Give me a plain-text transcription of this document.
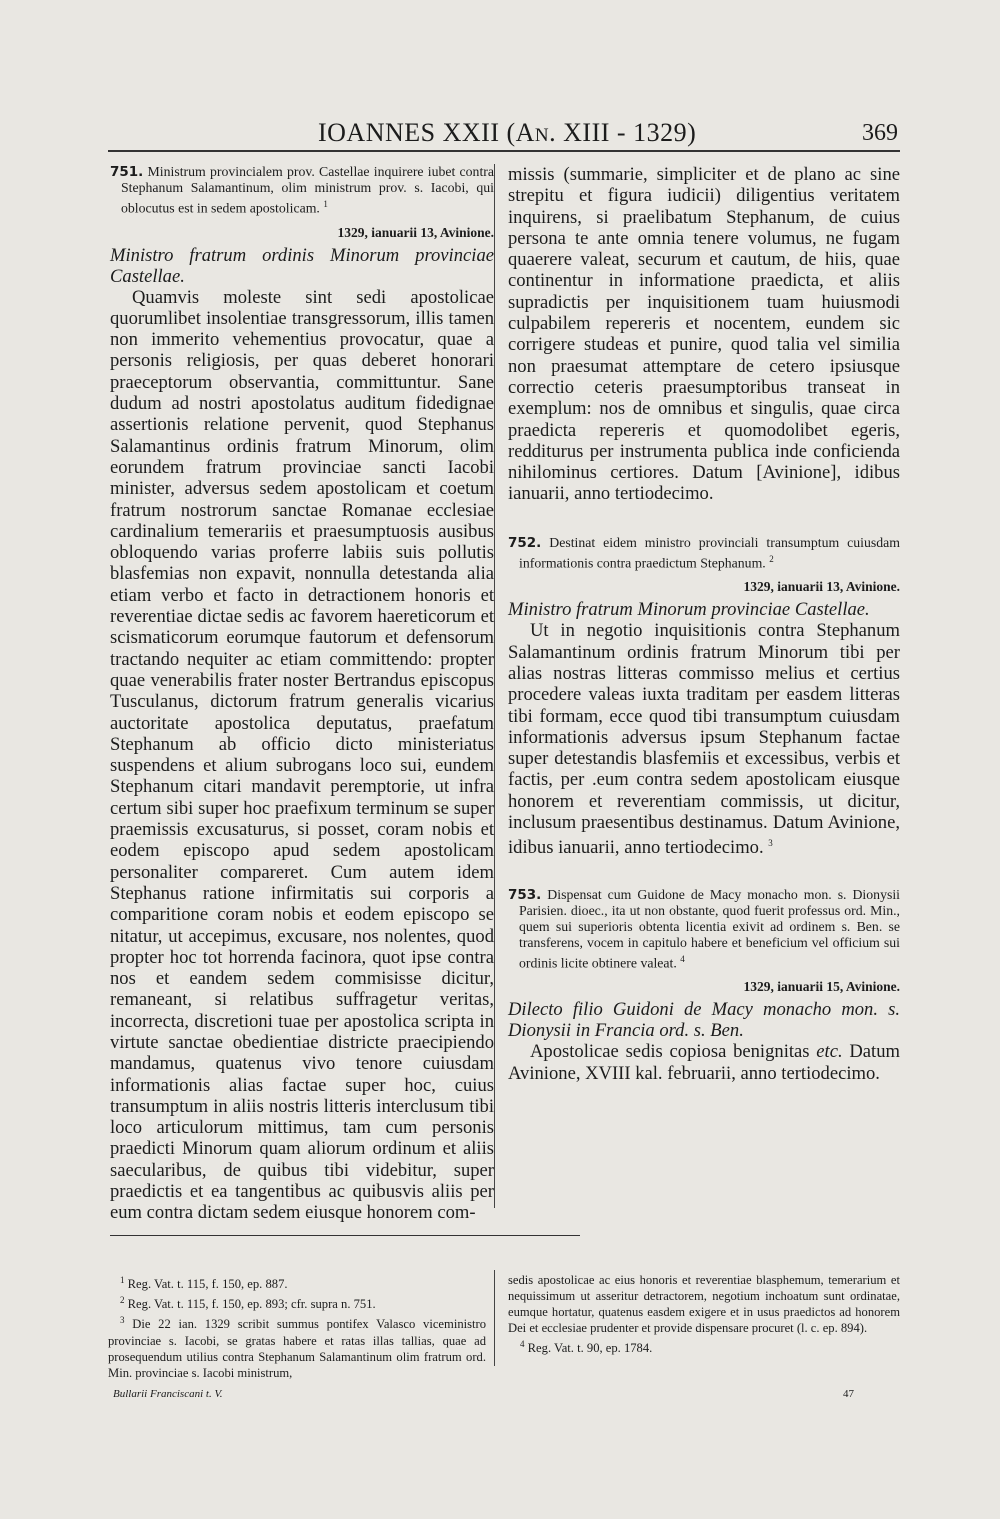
IOANNES XXII (AN. XIII - 1329)	369
751. Ministrum provincialem prov. Castellae inquirere iubet contra Stephanum Salamantinum, olim ministrum prov. s. Iacobi, qui oblocutus est in sedem apostolicam. $^1$
1329, ianuarii 13, Avinione.

Ministro fratrum ordinis Minorum provinciae Castellae.

Quamvis moleste sint sedi apostolicae quorumlibet insolentiae transgressorum, illis tamen non immerito vehementius provocatur, quae a personis religiosis, per quas deberet honorari praeceptorum observantia, committuntur. Sane dudum ad nostri apostolatus auditum fidedignae assertionis relatione pervenit, quod Stephanus Salamantinus ordinis fratrum Minorum, olim eorundem fratrum provinciae sancti Iacobi minister, adversus sedem apostolicam et coetum fratrum nostrorum sanctae Romanae ecclesiae cardinalium temerariis et praesumptuosis ausibus obloquendo varias proferre labiis suis pollutis blasfemias non expavit, nonnulla detestanda alia etiam verbo et facto in detractionem honoris et reverentiae dictae sedis ac favorem haereticorum et scismaticorum eorumque fautorum et defensorum tractando nequiter ac etiam committendo: propter quae venerabilis frater noster Bertrandus episcopus Tusculanus, dictorum fratrum generalis vicarius auctoritate apostolica deputatus, praefatum Stephanum ab officio dicto ministeriatus suspendens et alium subrogans loco sui, eundem Stephanum citari mandavit peremptorie, ut infra certum sibi super hoc praefixum terminum se super praemissis excusaturus, si posset, coram nobis et eodem episcopo apud sedem apostolicam personaliter compareret. Cum autem idem Stephanus ratione infirmitatis sui corporis a comparitione coram nobis et eodem episcopo se nitatur, ut accepimus, excusare, nos nolentes, quod propter hoc tot horrenda facinora, quot ipse contra nos et eandem sedem commisisse dicitur, remaneant, si relatibus suffragetur veritas, incorrecta, discretioni tuae per apostolica scripta in virtute sanctae obedientiae districte praecipiendo mandamus, quatenus vivo tenore cuiusdam informationis alias factae super hoc, cuius transumptum in aliis nostris litteris interclusum tibi loco articulorum mittimus, tam cum personis praedicti Minorum quam aliorum ordinum et aliis saecularibus, de quibus tibi videbitur, super praedictis et ea tangentibus ac quibusvis aliis per eum contra dictam sedem eiusque honorem com-

missis (summarie, simpliciter et de plano ac sine strepitu et figura iudicii) diligentius veritatem inquirens, si praelibatum Stephanum, de cuius persona te ante omnia tenere volumus, ne fugam quaerere valeat, securum et cautum, de hiis, quae continentur in informatione praedicta, et aliis supradictis per inquisitionem tuam huiusmodi culpabilem repereris et nocentem, eundem sic corrigere studeas et punire, quod talia vel similia non praesumat attemptare de cetero ipsiusque correctio ceteris praesumptoribus transeat in exemplum: nos de omnibus et singulis, quae circa praedicta repereris et quomodolibet egeris, redditurus per instrumenta publica inde conficienda nihilominus certiores. Datum [Avinione], idibus ianuarii, anno tertiodecimo.

752. Destinat eidem ministro provinciali transumptum cuiusdam informationis contra praedictum Stephanum. $^2$
1329, ianuarii 13, Avinione.

Ministro fratrum Minorum provinciae Castellae.

Ut in negotio inquisitionis contra Stephanum Salamantinum ordinis fratrum Minorum tibi per alias nostras litteras commisso melius et certius procedere valeas iuxta traditam per easdem litteras tibi formam, ecce quod tibi transumptum cuiusdam informationis adversus ipsum Stephanum factae super detestandis blasfemiis et excessibus, verbis et factis, per .eum contra sedem apostolicam eiusque honorem et reverentiam commissis, ut dicitur, inclusum praesentibus destinamus. Datum Avinione, idibus ianuarii, anno tertiodecimo. $^3$

753. Dispensat cum Guidone de Macy monacho mon. s. Dionysii Parisien. dioec., ita ut non obstante, quod fuerit professus ord. Min., quem sui superioris obtenta licentia exivit ad ordinem s. Ben. se transferens, vocem in capitulo habere et beneficium vel officium sui ordinis licite obtinere valeat. $^4$
1329, ianuarii 15, Avinione.

Dilecto filio Guidoni de Macy monacho mon. s. Dionysii in Francia ord. s. Ben.

Apostolicae sedis copiosa benignitas etc. Datum Avinione, XVIII kal. februarii, anno tertiodecimo.

$^1$ Reg. Vat. t. 115, f. 150, ep. 887.

$^2$ Reg. Vat. t. 115, f. 150, ep. 893; cfr. supra n. 751.

$^3$ Die 22 ian. 1329 scribit summus pontifex Valasco viceministro provinciae s. Iacobi, se gratas habere et ratas illas tallias, quae ad prosequendum utilius contra Stephanum Salamantinum olim fratrum ord. Min. provinciae s. Iacobi ministrum,

sedis apostolicae ac eius honoris et reverentiae blasphemum, temerarium et nequissimum ut asseritur detractorem, negotium inchoatum sunt ordinatae, eumque hortatur, quatenus easdem exigere et in usus praedictos ad honorem Dei et ecclesiae prudenter et provide dispensare procuret (l. c. ep. 894).

$^4$ Reg. Vat. t. 90, ep. 1784.

Bullarii Franciscani t. V.	47
